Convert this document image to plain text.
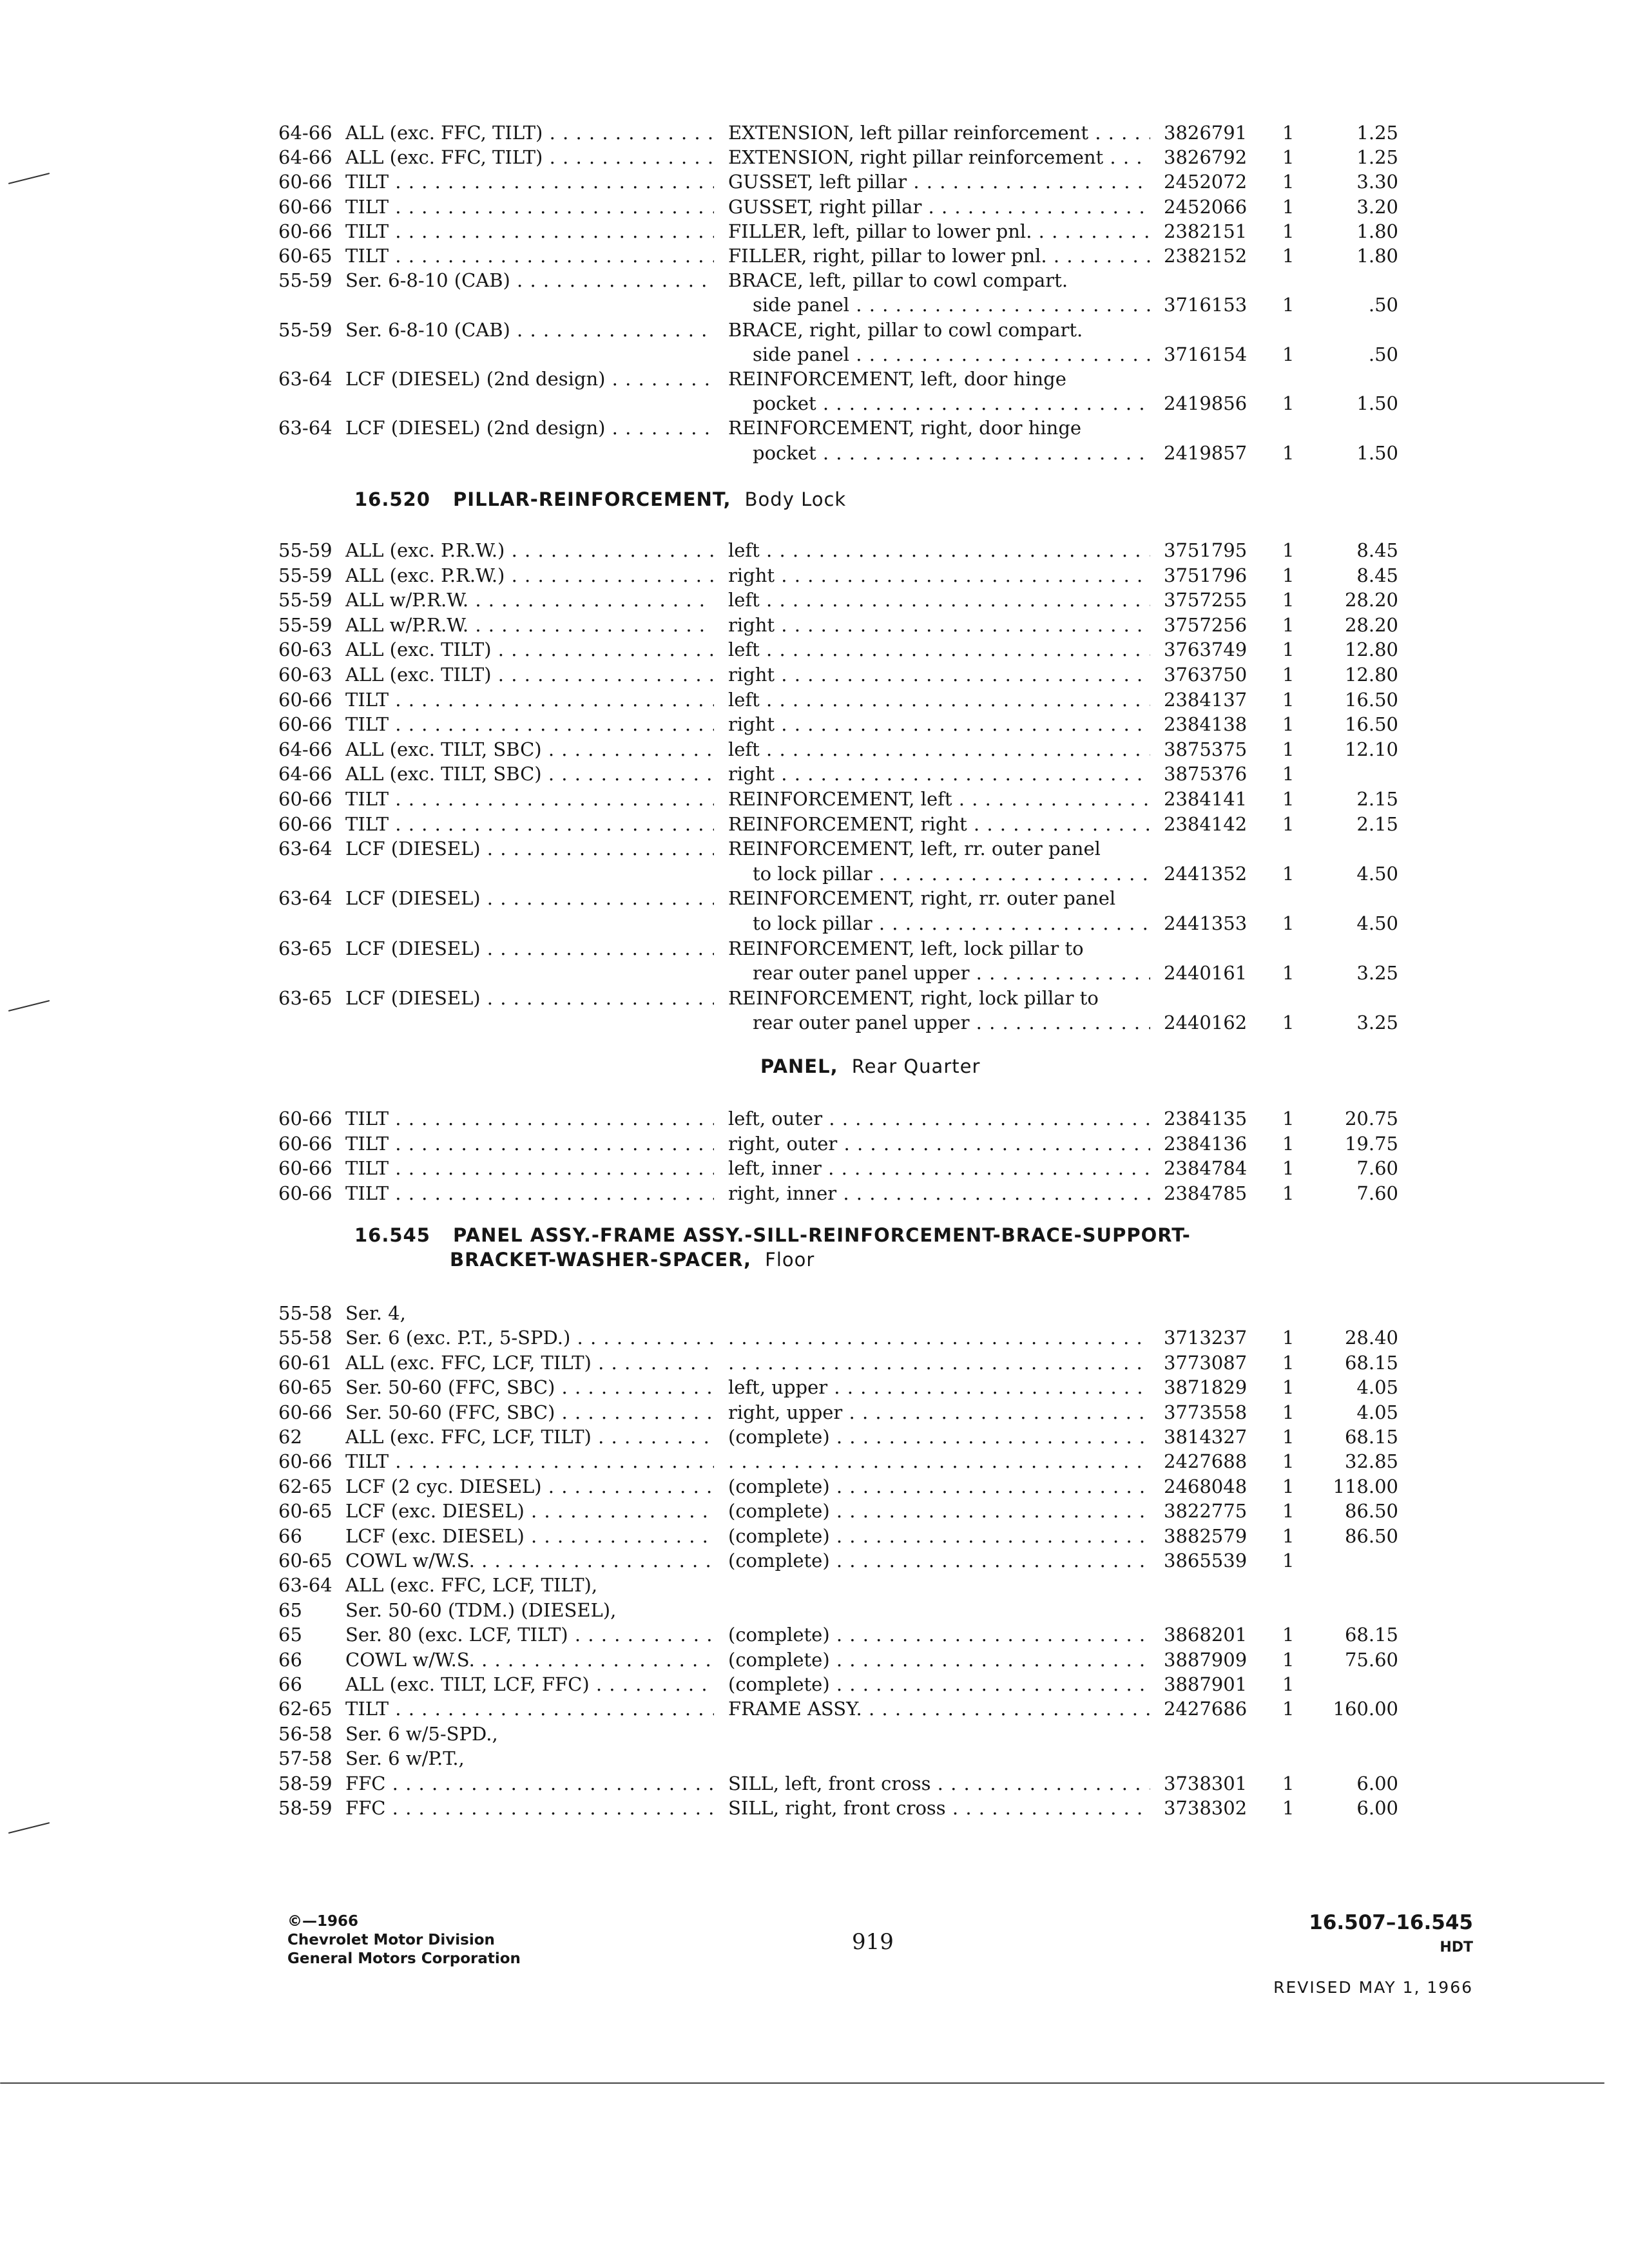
64-66 ALL (exc. FFC, TILT) . . .	EXTENSION, left pillar reinforcement . . .	3826791	1	1.25
64-66 ALL (exc. FFC, TILT) . . .	EXTENSION, right pillar reinforcement . . .	3826792	1	1.25
60-66 TILT . . .	GUSSET, left pillar . . .	2452072	1	3.30
60-66 TILT . . .	GUSSET, right pillar . . .	2452066	1	3.20
60-66 TILT . . .	FILLER, left, pillar to lower pnl. . . .	2382151	1	1.80
60-65 TILT . . .	FILLER, right, pillar to lower pnl. . . .	2382152	1	1.80
55-59 Ser. 6-8-10 (CAB) . . .	BRACE, left, pillar to cowl compart.
side panel . . .	3716153	1	.50
55-59 Ser. 6-8-10 (CAB) . . .	BRACE, right, pillar to cowl compart.
side panel . . .	3716154	1	.50
63-64 LCF (DIESEL) (2nd design) . . .	REINFORCEMENT, left, door hinge
pocket . . .	2419856	1	1.50
63-64 LCF (DIESEL) (2nd design) . . .	REINFORCEMENT, right, door hinge
pocket . . .	2419857	1	1.50
55-59 ALL (exc. P.R.W.) . . .	left . . .	3751795	1	8.45
55-59 ALL (exc. P.R.W.) . . .	right . . .	3751796	1	8.45
55-59 ALL w/P.R.W. . . .	left . . .	3757255	1	28.20
55-59 ALL w/P.R.W. . . .	right . . .	3757256	1	28.20
60-63 ALL (exc. TILT) . . .	left . . .	3763749	1	12.80
60-63 ALL (exc. TILT) . . .	right . . .	3763750	1	12.80
60-66 TILT . . .	left . . .	2384137	1	16.50
60-66 TILT . . .	right . . .	2384138	1	16.50
64-66 ALL (exc. TILT, SBC) . . .	left . . .	3875375	1	12.10
64-66 ALL (exc. TILT, SBC) . . .	right . . .	3875376	1
60-66 TILT . . .	REINFORCEMENT, left . . .	2384141	1	2.15
60-66 TILT . . .	REINFORCEMENT, right . . .	2384142	1	2.15
63-64 LCF (DIESEL) . . .	REINFORCEMENT, left, rr. outer panel
to lock pillar . . .	2441352	1	4.50
63-64 LCF (DIESEL) . . .	REINFORCEMENT, right, rr. outer panel
to lock pillar . . .	2441353	1	4.50
63-65 LCF (DIESEL) . . .	REINFORCEMENT, left, lock pillar to
rear outer panel upper . . .	2440161	1	3.25
63-65 LCF (DIESEL) . . .	REINFORCEMENT, right, lock pillar to
rear outer panel upper . . .	2440162	1	3.25
60-66 TILT . . .	left, outer . . .	2384135	1	20.75
60-66 TILT . . .	right, outer . . .	2384136	1	19.75
60-66 TILT . . .	left, inner . . .	2384784	1	7.60
60-66 TILT . . .	right, inner . . .	2384785	1	7.60
55-58 Ser. 4,
55-58 Ser. 6 (exc. P.T., 5-SPD.) . . . . . .	3713237	1	28.40
60-61 ALL (exc. FFC, LCF, TILT) . . . . . .	3773087	1	68.15
60-65 Ser. 50-60 (FFC, SBC) . . .	left, upper . . .	3871829	1	4.05
60-66 Ser. 50-60 (FFC, SBC) . . .	right, upper . . .	3773558	1	4.05
62	ALL (exc. FFC, LCF, TILT) . . .	(complete) . . .	3814327	1	68.15
60-66 TILT . . . . . .	2427688	1	32.85
62-65 LCF (2 cyc. DIESEL) . . .	(complete) . . .	2468048	1	118.00
60-65 LCF (exc. DIESEL) . . .	(complete) . . .	3822775	1	86.50
66	LCF (exc. DIESEL) . . .	(complete) . . .	3882579	1	86.50
60-65 COWL w/W.S. . . .	(complete) . . .	3865539	1
63-64 ALL (exc. FFC, LCF, TILT),
65	Ser. 50-60 (TDM.) (DIESEL),
65	Ser. 80 (exc. LCF, TILT) . . .	(complete) . . .	3868201	1	68.15
66	COWL w/W.S. . . .	(complete) . . .	3887909	1	75.60
66	ALL (exc. TILT, LCF, FFC) . . .	(complete) . . .	3887901	1
62-65 TILT . . .	FRAME ASSY. . . .	2427686	1	160.00
56-58 Ser. 6 w/5-SPD.,
57-58 Ser. 6 w/P.T.,
58-59 FFC . . .	SILL, left, front cross . . .	3738301	1	6.00
58-59 FFC . . .	SILL, right, front cross . . .	3738302	1	6.00
16.520 PILLAR-REINFORCEMENT, Body Lock
PANEL, Rear Quarter
16.545 PANEL ASSY.-FRAME ASSY.-SILL-REINFORCEMENT-BRACE-SUPPORT-
BRACKET-WASHER-SPACER, Floor
©—1966
Chevrolet Motor Division
General Motors Corporation
919
16.507–16.545
HDT
REVISED MAY 1, 1966
